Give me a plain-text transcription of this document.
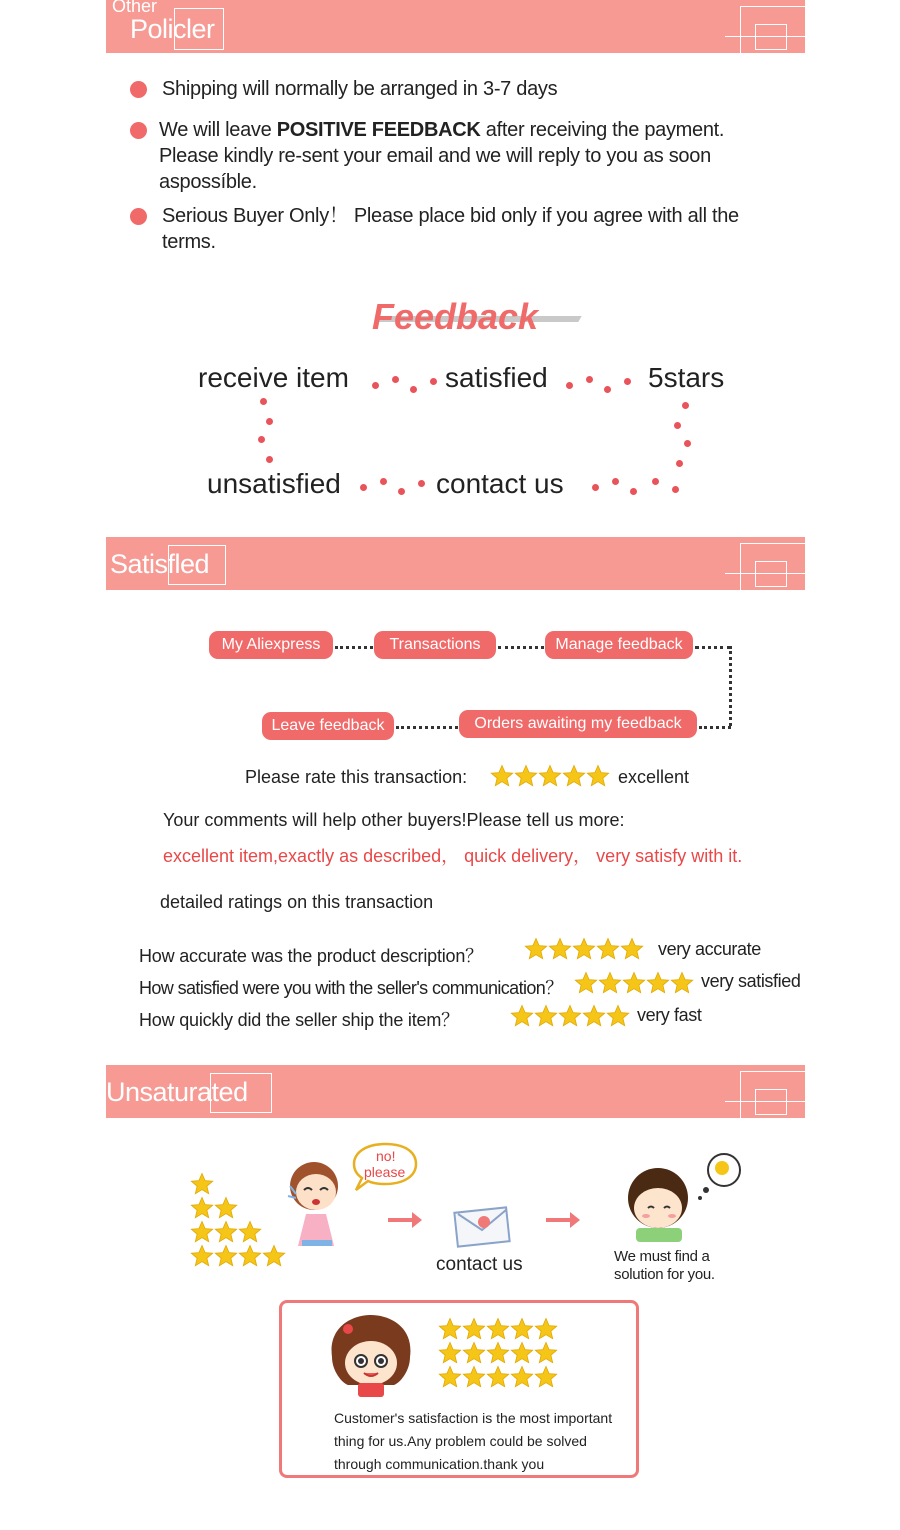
Other
Policler
Shipping will normally be arranged in 3-7 days
We will leave POSITIVE FEEDBACK after receiving the payment.
Please kindly re-sent your email and we will reply to you as soon
aspossíble.
Serious Buyer Only！ Please place bid only if you agree with all the
terms.
Feedback
receive item	satisfied	5stars
unsatisfied	contact us
Satisfled
My Aliexpress	Transactions	Manage feedback
Leave feedback	Orders awaiting my feedback
Please rate this transaction:	excellent
Your comments will help other buyers!Please tell us more:
excellent item,exactly as described， quick delivery， very satisfy with it.
detailed ratings on this transaction
How accurate was the product description？	very accurate
How satisfied were you with the seller's communication？	very satisfied
How quickly did the seller ship the item？	very fast
Unsaturated
no!
please
contact us	We must find a
solution for you.
Customer's satisfaction is the most important thing for us.Any problem could be solved through communication.thank you
